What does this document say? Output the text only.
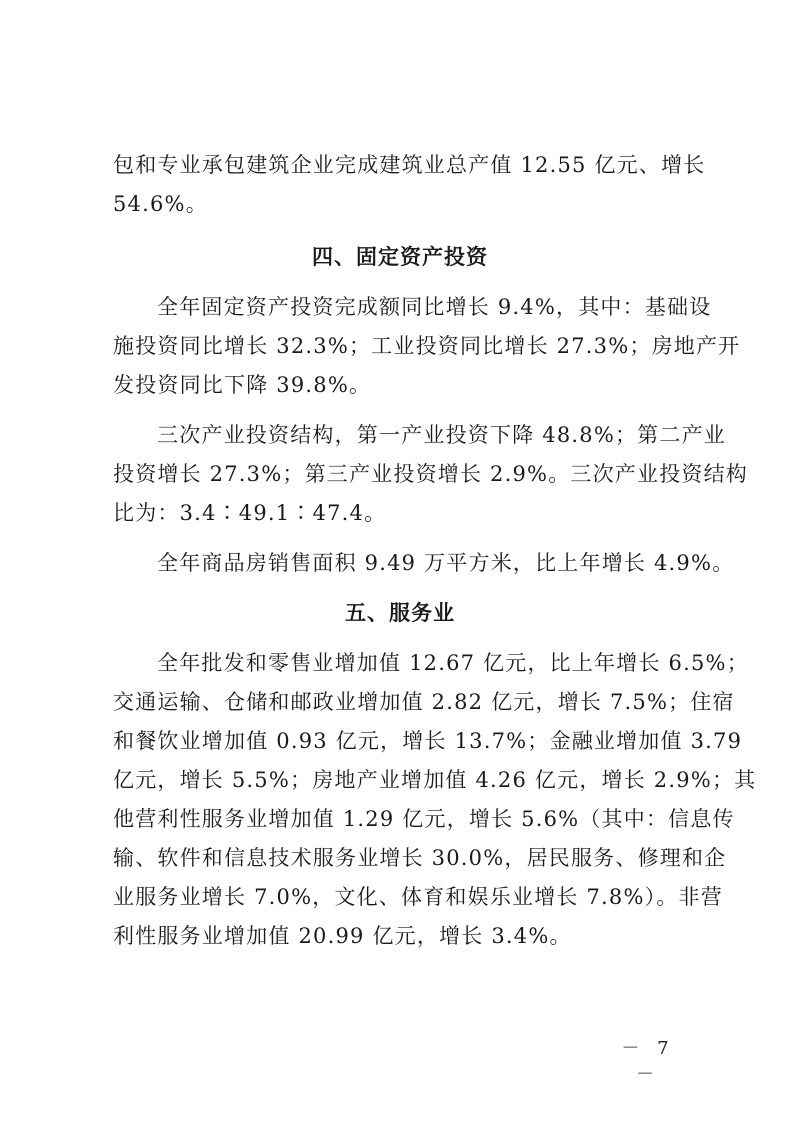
包和专业承包建筑企业完成建筑业总产值 12.55 亿元、增长
54.6%。
四、固定资产投资
全年固定资产投资完成额同比增长 9.4%，其中：基础设
施投资同比增长 32.3%；工业投资同比增长 27.3%；房地产开
发投资同比下降 39.8%。
三次产业投资结构，第一产业投资下降 48.8%；第二产业
投资增长 27.3%；第三产业投资增长 2.9%。三次产业投资结构
比为：3.4∶49.1∶47.4。
全年商品房销售面积 9.49 万平方米，比上年增长 4.9%。
五、服务业
全年批发和零售业增加值 12.67 亿元，比上年增长 6.5%；
交通运输、仓储和邮政业增加值 2.82 亿元，增长 7.5%；住宿
和餐饮业增加值 0.93 亿元，增长 13.7%；金融业增加值 3.79
亿元，增长 5.5%；房地产业增加值 4.26 亿元，增长 2.9%；其
他营利性服务业增加值 1.29 亿元，增长 5.6%（其中：信息传
输、软件和信息技术服务业增长 30.0%，居民服务、修理和企
业服务业增长 7.0%，文化、体育和娱乐业增长 7.8%）。非营
利性服务业增加值 20.99 亿元，增长 3.4%。
－ 7 －
